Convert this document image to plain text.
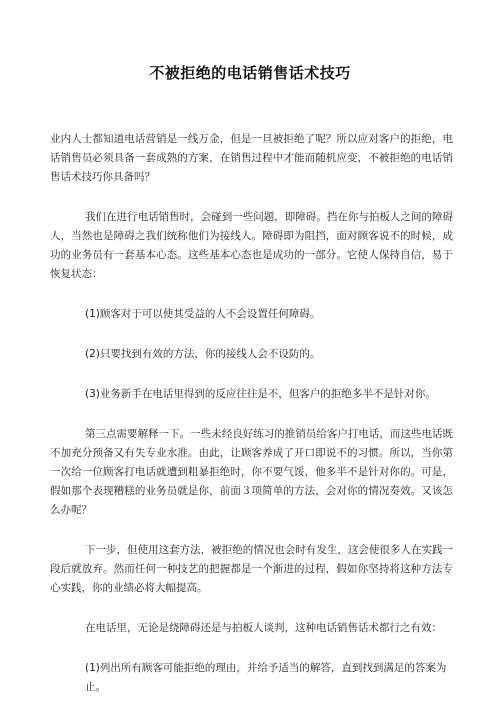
不被拒绝的电话销售话术技巧

业内人士都知道电话营销是一线万金，但是一旦被拒绝了呢？所以应对客户的拒绝，电话销售员必须具备一套成熟的方案，在销售过程中才能而随机应变，不被拒绝的电话销售话术技巧你具备吗？

我们在进行电话销售时，会碰到一些问题，即障碍。挡在你与拍板人之间的障碍人，当然也是障碍之我们统称他们为接线人。障碍即为阻挡，面对顾客说不的时候，成功的业务员有一套基本心态。这些基本心态也是成功的一部分。它使人保持自信，易于恢复状态：

(1)顾客对于可以使其受益的人不会设置任何障碍。

(2)只要找到有效的方法，你的接线人会不设防的。

(3)业务新手在电话里得到的反应往往是不，但客户的拒绝多半不是针对你。

第三点需要解释一下。一些未经良好练习的推销员给客户打电话，而这些电话既不加充分预备又有失专业水准。由此，让顾客养成了开口即说不的习惯。所以，当你第一次给一位顾客打电话就遭到粗暴拒绝时，你不要气馁，他多半不是针对你的。可是，假如那个表现糟糕的业务员就是你，前面３项简单的方法，会对你的情况奏效。又该怎么办呢？

下一步，但使用这套方法，被拒绝的情况也会时有发生，这会使很多人在实践一段后就放弃。然而任何一种技艺的把握都是一个渐进的过程，假如你坚持将这种方法专心实践，你的业绩必将大幅提高。

在电话里，无论是绕障碍还是与拍板人谈判，这种电话销售话术都行之有效：

(1)列出所有顾客可能拒绝的理由，并给予适当的解答，直到找到满足的答案为止。
